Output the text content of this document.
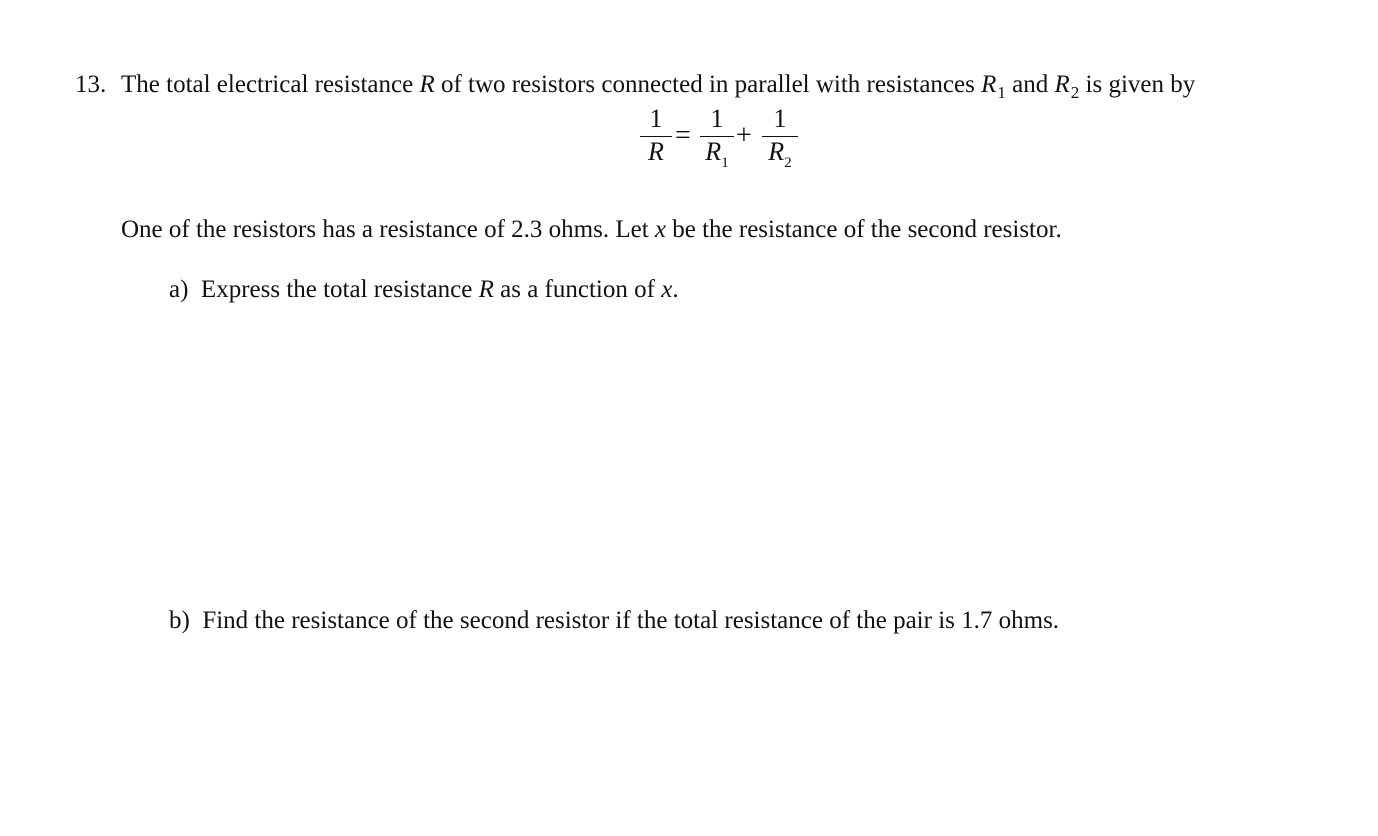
13. The total electrical resistance R of two resistors connected in parallel with resistances $R_1$ and $R_2$ is given by
1
R
=
1
$R_1$
+
1
$R_2$
One of the resistors has a resistance of 2.3 ohms. Let x be the resistance of the second resistor.
a) Express the total resistance R as a function of x.
b) Find the resistance of the second resistor if the total resistance of the pair is 1.7 ohms.
